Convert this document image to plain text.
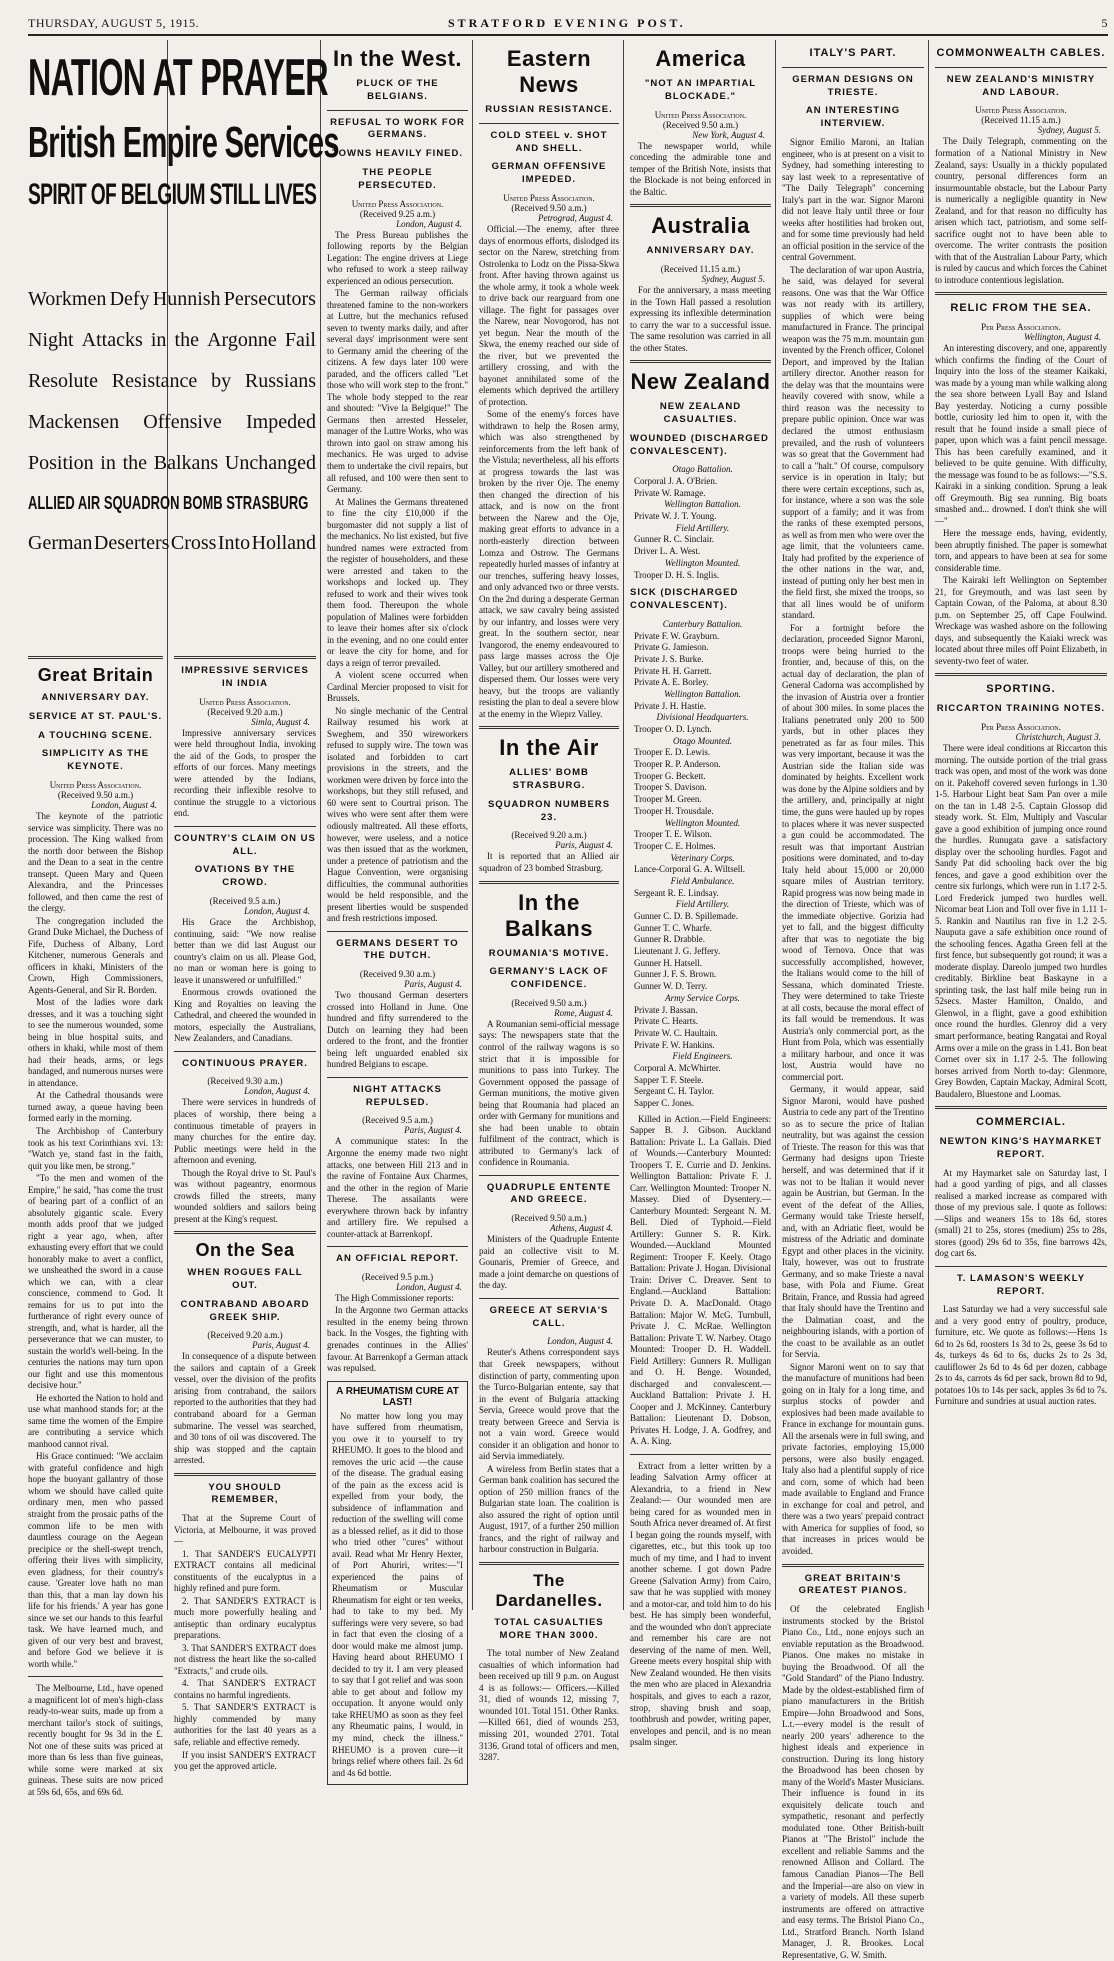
THURSDAY, AUGUST 5, 1915.	STRATFORD EVENING POST.	5
NATION AT PRAYER
British Empire Services
SPIRIT OF BELGIUM STILL LIVES
Workmen Defy Hunnish Persecutors
Night Attacks in the Argonne Fail
Resolute Resistance by Russians
Mackensen Offensive Impeded
Position in the Balkans Unchanged
ALLIED AIR SQUADRON BOMB STRASBURG
German Deserters Cross Into Holland
Great Britain
ANNIVERSARY DAY.
SERVICE AT ST. PAUL'S.
A TOUCHING SCENE.
SIMPLICITY AS THE KEYNOTE.
United Press Association.
(Received 9.50 a.m.)
London, August 4.

The keynote of the patriotic service was simplicity. There was no procession. The King walked from the north door between the Bishop and the Dean to a seat in the centre transept. Queen Mary and Queen Alexandra, and the Princesses followed, and then came the rest of the clergy.

The congregation included the Grand Duke Michael, the Duchess of Fife, Duchess of Albany, Lord Kitchener, numerous Generals and officers in khaki, Ministers of the Crown, High Commissioners, Agents-General, and Sir R. Borden.

Most of the ladies wore dark dresses, and it was a touching sight to see the numerous wounded, some being in blue hospital suits, and others in khaki, while most of them had their heads, arms, or legs bandaged, and numerous nurses were in attendance.

At the Cathedral thousands were turned away, a queue having been formed early in the morning.

The Archbishop of Canterbury took as his text Corinthians xvi. 13: "Watch ye, stand fast in the faith, quit you like men, be strong."

"To the men and women of the Empire," he said, "has come the trust of bearing part of a conflict of an absolutely gigantic scale. Every month adds proof that we judged right a year ago, when, after exhausting every effort that we could honorably make to avert a conflict, we unsheathed the sword in a cause which we can, with a clear conscience, commend to God. It remains for us to put into the furtherance of right every ounce of strength, and, what is harder, all the perseverance that we can muster, to sustain the world's well-being. In the centuries the nations may turn upon our fight and use this momentous decisive hour."

He exhorted the Nation to hold and use what manhood stands for; at the same time the women of the Empire are contributing a service which manhood cannot rival.

His Grace continued: "We acclaim with grateful confidence and high hope the buoyant gallantry of those whom we should have called quite ordinary men, men who passed straight from the prosaic paths of the common life to be men with dauntless courage on the Aegean precipice or the shell-swept trench, offering their lives with simplicity, even gladness, for their country's cause. 'Greater love hath no man than this, that a man lay down his life for his friends.' A year has gone since we set our hands to this fearful task. We have learned much, and given of our very best and bravest, and before God we believe it is worth while."

The Melbourne, Ltd., have opened a magnificent lot of men's high-class ready-to-wear suits, made up from a merchant tailor's stock of suitings, recently bought for 9s 3d in the £. Not one of these suits was priced at more than 6s less than five guineas, while some were marked at six guineas. These suits are now priced at 59s 6d, 65s, and 69s 6d.

IMPRESSIVE SERVICES IN INDIA
United Press Association.
(Received 9.20 a.m.)
Simla, August 4.

Impressive anniversary services were held throughout India, invoking the aid of the Gods, to prosper the efforts of our forces. Many meetings were attended by the Indians, recording their inflexible resolve to continue the struggle to a victorious end.

COUNTRY'S CLAIM ON US ALL.
OVATIONS BY THE CROWD.
(Received 9.5 a.m.)
London, August 4.

His Grace the Archbishop, continuing, said: "We now realise better than we did last August our country's claim on us all. Please God, no man or woman here is going to leave it unanswered or unfulfilled."

Enormous crowds ovationed the King and Royalties on leaving the Cathedral, and cheered the wounded in motors, especially the Australians, New Zealanders, and Canadians.

CONTINUOUS PRAYER.
(Received 9.30 a.m.)
London, August 4.

There were services in hundreds of places of worship, there being a continuous timetable of prayers in many churches for the entire day. Public meetings were held in the afternoon and evening.

Though the Royal drive to St. Paul's was without pageantry, enormous crowds filled the streets, many wounded soldiers and sailors being present at the King's request.

On the Sea
WHEN ROGUES FALL OUT.
CONTRABAND ABOARD GREEK SHIP.
(Received 9.20 a.m.)
Paris, August 4.

In consequence of a dispute between the sailors and captain of a Greek vessel, over the division of the profits arising from contraband, the sailors reported to the authorities that they had contraband aboard for a German submarine. The vessel was searched, and 30 tons of oil was discovered. The ship was stopped and the captain arrested.

YOU SHOULD REMEMBER,

That at the Supreme Court of Victoria, at Melbourne, it was proved—

1. That SANDER'S EUCALYPTI EXTRACT contains all medicinal constituents of the eucalyptus in a highly refined and pure form.

2. That SANDER'S EXTRACT is much more powerfully healing and antiseptic than ordinary eucalyptus preparations.

3. That SANDER'S EXTRACT does not distress the heart like the so-called "Extracts," and crude oils.

4. That SANDER'S EXTRACT contains no harmful ingredients.

5. That SANDER'S EXTRACT is highly commended by many authorities for the last 40 years as a safe, reliable and effective remedy.

If you insist SANDER'S EXTRACT you get the approved article.

In the West.
PLUCK OF THE BELGIANS.
REFUSAL TO WORK FOR GERMANS.
TOWNS HEAVILY FINED.
THE PEOPLE PERSECUTED.
United Press Association.
(Received 9.25 a.m.)
London, August 4.

The Press Bureau publishes the following reports by the Belgian Legation: The engine drivers at Liege who refused to work a steep railway experienced an odious persecution.

The German railway officials threatened famine to the non-workers at Luttre, but the mechanics refused seven to twenty marks daily, and after several days' imprisonment were sent to Germany amid the cheering of the citizens. A few days later 100 were paraded, and the officers called "Let those who will work step to the front." The whole body stepped to the rear and shouted: "Vive la Belgique!" The Germans then arrested Hesseler, manager of the Luttre Works, who was thrown into gaol on straw among his mechanics. He was urged to advise them to undertake the civil repairs, but all refused, and 100 were then sent to Germany.

At Malines the Germans threatened to fine the city £10,000 if the burgomaster did not supply a list of the mechanics. No list existed, but five hundred names were extracted from the register of householders, and these were arrested and taken to the workshops and locked up. They refused to work and their wives took them food. Thereupon the whole population of Malines were forbidden to leave their homes after six o'clock in the evening, and no one could enter or leave the city for home, and for days a reign of terror prevailed.

A violent scene occurred when Cardinal Mercier proposed to visit for Brussels.

No single mechanic of the Central Railway resumed his work at Sweghem, and 350 wireworkers refused to supply wire. The town was isolated and forbidden to cart provisions in the streets, and the workmen were driven by force into the workshops, but they still refused, and 60 were sent to Courtrai prison. The wives who were sent after them were odiously maltreated. All these efforts, however, were useless, and a notice was then issued that as the workmen, under a pretence of patriotism and the Hague Convention, were organising difficulties, the communal authorities would be held responsible, and the present liberties would be suspended and fresh restrictions imposed.

GERMANS DESERT TO THE DUTCH.
(Received 9.30 a.m.)
Paris, August 4.

Two thousand German deserters crossed into Holland in June. One hundred and fifty surrendered to the Dutch on learning they had been ordered to the front, and the frontier being left unguarded enabled six hundred Belgians to escape.

NIGHT ATTACKS REPULSED.
(Received 9.5 a.m.)
Paris, August 4.

A communique states: In the Argonne the enemy made two night attacks, one between Hill 213 and in the ravine of Fontaine Aux Charmes, and the other in the region of Marie Therese. The assailants were everywhere thrown back by infantry and artillery fire. We repulsed a counter-attack at Barrenkopf.

AN OFFICIAL REPORT.
(Received 9.5 p.m.)
London, August 4.

The High Commissioner reports:

In the Argonne two German attacks resulted in the enemy being thrown back. In the Vosges, the fighting with grenades continues in the Allies' favour. At Barrenkopf a German attack was repulsed.

A RHEUMATISM CURE AT LAST!

No matter how long you may have suffered from rheumatism, you owe it to yourself to try RHEUMO. It goes to the blood and removes the uric acid —the cause of the disease. The gradual easing of the pain as the excess acid is expelled from your body, the subsidence of inflammation and reduction of the swelling will come as a blessed relief, as it did to those who tried other "cures" without avail. Read what Mr Henry Hexter, of Port Ahuriri, writes:—"I experienced the pains of Rheumatism or Muscular Rheumatism for eight or ten weeks, had to take to my bed. My sufferings were very severe, so bad in fact that even the closing of a door would make me almost jump. Having heard about RHEUMO I decided to try it. I am very pleased to say that I got relief and was soon able to get about and follow my occupation. It anyone would only take RHEUMO as soon as they feel any Rheumatic pains, I would, in my mind, check the illness." RHEUMO is a proven cure—it brings relief where others fail. 2s 6d and 4s 6d bottle.

Eastern News
RUSSIAN RESISTANCE.
COLD STEEL v. SHOT AND SHELL.
GERMAN OFFENSIVE IMPEDED.
United Press Association.
(Received 9.50 a.m.)
Petrograd, August 4.

Official.—The enemy, after three days of enormous efforts, dislodged its sector on the Narew, stretching from Ostrolenka to Lodz on the Pissa-Skwa front. After having thrown against us the whole army, it took a whole week to drive back our rearguard from one village. The fight for passages over the Narew, near Novogorod, has not yet begun. Near the mouth of the Skwa, the enemy reached our side of the river, but we prevented the artillery crossing, and with the bayonet annihilated some of the elements which deprived the artillery of protection.

Some of the enemy's forces have withdrawn to help the Rosen army, which was also strengthened by reinforcements from the left bank of the Vistula; nevertheless, all his efforts at progress towards the last was broken by the river Oje. The enemy then changed the direction of his attack, and is now on the front between the Narew and the Oje, making great efforts to advance in a north-easterly direction between Lomza and Ostrow. The Germans repeatedly hurled masses of infantry at our trenches, suffering heavy losses, and only advanced two or three versts. On the 2nd during a desperate German attack, we saw cavalry being assisted by our infantry, and losses were very great. In the southern sector, near Ivangorod, the enemy endeavoured to pass large masses across the Oje Valley, but our artillery smothered and dispersed them. Our losses were very heavy, but the troops are valiantly resisting the plan to deal a severe blow at the enemy in the Wieprz Valley.

In the Air
ALLIES' BOMB STRASBURG.
SQUADRON NUMBERS 23.
(Received 9.20 a.m.)
Paris, August 4.

It is reported that an Allied air squadron of 23 bombed Strasburg.

In the Balkans
ROUMANIA'S MOTIVE.
GERMANY'S LACK OF CONFIDENCE.
(Received 9.50 a.m.)
Rome, August 4.

A Roumanian semi-official message says: The newspapers state that the control of the railway wagons is so strict that it is impossible for munitions to pass into Turkey. The Government opposed the passage of German munitions, the motive given being that Roumania had placed an order with Germany for munitions and she had been unable to obtain fulfilment of the contract, which is attributed to Germany's lack of confidence in Roumania.

QUADRUPLE ENTENTE AND GREECE.
(Received 9.50 a.m.)
Athens, August 4.

Ministers of the Quadruple Entente paid an collective visit to M. Gounaris, Premier of Greece, and made a joint demarche on questions of the day.

GREECE AT SERVIA'S CALL.
London, August 4.

Reuter's Athens correspondent says that Greek newspapers, without distinction of party, commenting upon the Turco-Bulgarian entente, say that in the event of Bulgaria attacking Servia, Greece would prove that the treaty between Greece and Servia is not a vain word. Greece would consider it an obligation and honor to aid Servia immediately.

A wireless from Berlin states that a German bank coalition has secured the option of 250 million francs of the Bulgarian state loan. The coalition is also assured the right of option until August, 1917, of a further 250 million francs, and the right of railway and harbour construction in Bulgaria.

The Dardanelles.
TOTAL CASUALTIES MORE THAN 3000.

The total number of New Zealand casualties of which information had been received up till 9 p.m. on August 4 is as follows:— Officers.—Killed 31, died of wounds 12, missing 7, wounded 101. Total 151. Other Ranks.—Killed 661, died of wounds 253, missing 201, wounded 2701. Total 3136. Grand total of officers and men, 3287.

America
"NOT AN IMPARTIAL BLOCKADE."
United Press Association.
(Received 9.50 a.m.)
New York, August 4.

The newspaper world, while conceding the admirable tone and temper of the British Note, insists that the Blockade is not being enforced in the Baltic.

Australia
ANNIVERSARY DAY.
(Received 11.15 a.m.)
Sydney, August 5.

For the anniversary, a mass meeting in the Town Hall passed a resolution expressing its inflexible determination to carry the war to a successful issue. The same resolution was carried in all the other States.

New Zealand
NEW ZEALAND CASUALTIES.
WOUNDED (DISCHARGED CONVALESCENT).
Otago Battalion.
Corporal J. A. O'Brien.
Private W. Ramage.
Wellington Battalion.
Private W. J. T. Young.
Field Artillery.
Gunner R. C. Sinclair.
Driver L. A. West.
Wellington Mounted.
Trooper D. H. S. Inglis.
SICK (DISCHARGED CONVALESCENT).
Canterbury Battalion.
Private F. W. Grayburn.
Private G. Jamieson.
Private J. S. Burke.
Private H. H. Garrett.
Private A. E. Borley.
Wellington Battalion.
Private J. H. Hastie.
Divisional Headquarters.
Trooper O. D. Lynch.
Otago Mounted.
Trooper E. D. Lewis.
Trooper R. P. Anderson.
Trooper G. Beckett.
Trooper S. Davison.
Trooper M. Green.
Trooper H. Trousdale.
Wellington Mounted.
Trooper T. E. Wilson.
Trooper C. E. Holmes.
Veterinary Corps.
Lance-Corporal G. A. Wiltsell.
Field Ambulance.
Sergeant R. E. Lindsay.
Field Artillery.
Gunner C. D. B. Spillemade.
Gunner T. C. Wharfe.
Gunner R. Drabble.
Lieutenant J. G. Jeffery.
Gunner H. Hatsell.
Gunner J. F. S. Brown.
Gunner W. D. Terry.
Army Service Corps.
Private J. Bassan.
Private C. Hearts.
Private W. C. Haultain.
Private F. W. Hankins.
Field Engineers.
Corporal A. McWhirter.
Sapper T. F. Steele.
Sergeant C. H. Taylor.
Sapper C. Jones.

Killed in Action.—Field Engineers: Sapper B. J. Gibson. Auckland Battalion: Private L. La Gallais. Died of Wounds.—Canterbury Mounted: Troopers T. E. Currie and D. Jenkins. Wellington Battalion: Private F. J. Carr. Wellington Mounted: Trooper N. Massey. Died of Dysentery.—Canterbury Mounted: Sergeant N. M. Bell. Died of Typhoid.—Field Artillery: Gunner S. R. Kirk. Wounded.—Auckland Mounted Regiment: Trooper F. Keely. Otago Battalion: Private J. Hogan. Divisional Train: Driver C. Dreaver. Sent to England.—Auckland Battalion: Private D. A. MacDonald. Otago Battalion: Major W. McG. Turnbull, Private J. C. McRae. Wellington Battalion: Private T. W. Narbey. Otago Mounted: Trooper D. H. Waddell. Field Artillery: Gunners R. Mulligan and O. H. Benge. Wounded, discharged and convalescent.—Auckland Battalion: Private J. H. Cooper and J. McKinney. Canterbury Battalion: Lieutenant D. Dobson, Privates H. Lodge, J. A. Godfrey, and A. A. King.

Extract from a letter written by a leading Salvation Army officer at Alexandria, to a friend in New Zealand:— Our wounded men are being cared for as wounded men in South Africa never dreamed of. At first I began going the rounds myself, with cigarettes, etc., but this took up too much of my time, and I had to invent another scheme. I got down Padre Greene (Salvation Army) from Cairo, saw that he was supplied with money and a motor-car, and told him to do his best. He has simply been wonderful, and the wounded who don't appreciate and remember his care are not deserving of the name of men. Well, Greene meets every hospital ship with New Zealand wounded. He then visits the men who are placed in Alexandria hospitals, and gives to each a razor, strop, shaving brush and soap, toothbrush and powder, writing paper, envelopes and pencil, and is no mean psalm singer.

ITALY'S PART.
GERMAN DESIGNS ON TRIESTE.
AN INTERESTING INTERVIEW.

Signor Emilio Maroni, an Italian engineer, who is at present on a visit to Sydney, had something interesting to say last week to a representative of "The Daily Telegraph" concerning Italy's part in the war. Signor Maroni did not leave Italy until three or four weeks after hostilities had broken out, and for some time previously had held an official position in the service of the central Government.

The declaration of war upon Austria, he said, was delayed for several reasons. One was that the War Office was not ready with its artillery, supplies of which were being manufactured in France. The principal weapon was the 75 m.m. mountain gun invented by the French officer, Colonel Deport, and improved by the Italian artillery director. Another reason for the delay was that the mountains were heavily covered with snow, while a third reason was the necessity to prepare public opinion. Once war was declared the utmost enthusiasm prevailed, and the rush of volunteers was so great that the Government had to call a "halt." Of course, compulsory service is in operation in Italy; but there were certain exceptions, such as, for instance, where a son was the sole support of a family; and it was from the ranks of these exempted persons, as well as from men who were over the age limit, that the volunteers came. Italy had profited by the experience of the other nations in the war, and, instead of putting only her best men in the field first, she mixed the troops, so that all lines would be of uniform standard.

For a fortnight before the declaration, proceeded Signor Maroni, troops were being hurried to the frontier, and, because of this, on the actual day of declaration, the plan of General Cadorna was accomplished by the invasion of Austria over a frontier of about 300 miles. In some places the Italians penetrated only 200 to 500 yards, but in other places they penetrated as far as four miles. This was very important, because it was the Austrian side the Italian side was dominated by heights. Excellent work was done by the Alpine soldiers and by the artillery, and, principally at night time, the guns were hauled up by ropes to places where it was never suspected a gun could be accommodated. The result was that important Austrian positions were dominated, and to-day Italy held about 15,000 or 20,000 square miles of Austrian territory. Rapid progress was now being made in the direction of Trieste, which was of the immediate objective. Gorizia had yet to fall, and the biggest difficulty after that was to negotiate the big wood of Ternova. Once that was successfully accomplished, however, the Italians would come to the hill of Sessana, which dominated Trieste. They were determined to take Trieste at all costs, because the moral effect of its fall would be tremendous. It was Austria's only commercial port, as the Hunt from Pola, which was essentially a military harbour, and once it was lost, Austria would have no commercial port.

Germany, it would appear, said Signor Maroni, would have pushed Austria to cede any part of the Trentino so as to secure the price of Italian neutrality, but was against the cession of Trieste. The reason for this was that Germany had designs upon Trieste herself, and was determined that if it was not to be Italian it would never again be Austrian, but German. In the event of the defeat of the Allies, Germany would take Trieste herself, and, with an Adriatic fleet, would be mistress of the Adriatic and dominate Egypt and other places in the vicinity. Italy, however, was out to frustrate Germany, and so make Trieste a naval base, with Pola and Fiume. Great Britain, France, and Russia had agreed that Italy should have the Trentino and the Dalmatian coast, and the neighbouring islands, with a portion of the coast to be available as an outlet for Servia.

Signor Maroni went on to say that the manufacture of munitions had been going on in Italy for a long time, and surplus stocks of powder and explosives had been made available to France in exchange for mountain guns. All the arsenals were in full swing, and private factories, employing 15,000 persons, were also busily engaged. Italy also had a plentiful supply of rice and corn, some of which had been made available to England and France in exchange for coal and petrol, and there was a two years' prepaid contract with America for supplies of food, so that increases in prices would be avoided.

GREAT BRITAIN'S GREATEST PIANOS.

Of the celebrated English instruments stocked by the Bristol Piano Co., Ltd., none enjoys such an enviable reputation as the Broadwood. Pianos. One makes no mistake in buying the Broadwood. Of all the "Gold Standard" of the Piano Industry. Made by the oldest-established firm of piano manufacturers in the British Empire—John Broadwood and Sons, L.t.—every model is the result of nearly 200 years' adherence to the highest ideals and experience in construction. During its long history the Broadwood has been chosen by many of the World's Master Musicians. Their influence is found in its exquisitely delicate touch and sympathetic, resonant and perfectly modulated tone. Other British-built Pianos at "The Bristol" include the excellent and reliable Samms and the renowned Allison and Collard. The famous Canadian Pianos—The Bell and the Imperial—are also on view in a variety of models. All these superb instruments are offered on attractive and easy terms. The Bristol Piano Co., Ltd., Stratford Branch. North Island Manager, J. R. Brookes. Local Representative, G. W. Smith.

COMMONWEALTH CABLES.
NEW ZEALAND'S MINISTRY AND LABOUR.
United Press Association.
(Received 11.15 a.m.)
Sydney, August 5.

The Daily Telegraph, commenting on the formation of a National Ministry in New Zealand, says: Usually in a thickly populated country, personal differences form an insurmountable obstacle, but the Labour Party is numerically a negligible quantity in New Zealand, and for that reason no difficulty has arisen which tact, patriotism, and some self-sacrifice ought not to have been able to overcome. The writer contrasts the position with that of the Australian Labour Party, which is ruled by caucus and which forces the Cabinet to introduce contentious legislation.

RELIC FROM THE SEA.
Per Press Association.
Wellington, August 4.

An interesting discovery, and one, apparently which confirms the finding of the Court of Inquiry into the loss of the steamer Kaikaki, was made by a young man while walking along the sea shore between Lyall Bay and Island Bay yesterday. Noticing a curny possible bottle, curiosity led him to open it, with the result that he found inside a small piece of paper, upon which was a faint pencil message. This has been carefully examined, and it believed to be quite genuine. With difficulty, the message was found to be as follows:—"S.S. Kairaki in a sinking condition. Sprung a leak off Greymouth. Big sea running. Big boats smashed and... drowned. I don't think she will—"

Here the message ends, having, evidently, been abruptly finished. The paper is somewhat torn, and appears to have been at sea for some considerable time.

The Kairaki left Wellington on September 21, for Greymouth, and was last seen by Captain Cowan, of the Paloma, at about 8.30 p.m. on September 25, off Cape Foulwind. Wreckage was washed ashore on the following days, and subsequently the Kaiaki wreck was located about three miles off Point Elizabeth, in seventy-two feet of water.

SPORTING.
RICCARTON TRAINING NOTES.
Per Press Association.
Christchurch, August 3.

There were ideal conditions at Riccarton this morning. The outside portion of the trial grass track was open, and most of the work was done on it. Pakehoff covered seven furlongs in 1.30 1-5. Harbour Light beat Sam Pan over a mile on the tan in 1.48 2-5. Captain Glossop did steady work. St. Elm, Multiply and Vascular gave a good exhibition of jumping once round the hurdles. Runugata gave a satisfactory display over the schooling hurdles. Fagot and Sandy Pat did schooling back over the big fences, and gave a good exhibition over the centre six furlongs, which were run in 1.17 2-5. Lord Frederick jumped two hurdles well. Nicomar beat Lion and Toll over five in 1.11 1-5. Rankin and Nautilus ran five in 1.2 2-5. Nauputa gave a safe exhibition once round of the schooling fences. Agatha Green fell at the first fence, but subsequently got round; it was a moderate display. Dareolo jumped two hurdles creditably. Birkline beat Baskayne in a sprinting task, the last half mile being run in 52secs. Master Hamilton, Onaldo, and Glenwol, in a flight, gave a good exhibition once round the hurdles. Glenroy did a very smart performance, beating Rangatai and Royal Arms over a mile on the grass in 1.41. Bon beat Cornet over six in 1.17 2-5. The following horses arrived from North to-day: Glenmore, Grey Bowden, Captain Mackay, Admiral Scott, Baudalero, Bluestone and Loomas.

COMMERCIAL.
NEWTON KING'S HAYMARKET REPORT.

At my Haymarket sale on Saturday last, I had a good yarding of pigs, and all classes realised a marked increase as compared with those of my previous sale. I quote as follows:—Slips and weaners 15s to 18s 6d, stores (small) 21 to 25s, stores (medium) 25s to 28s, stores (good) 29s 6d to 35s, fine barrows 42s, dog cart 6s.

T. LAMASON'S WEEKLY REPORT.

Last Saturday we had a very successful sale and a very good entry of poultry, produce, furniture, etc. We quote as follows:—Hens 1s 6d to 2s 6d, roosters 1s 3d to 2s, geese 3s 6d to 4s, turkeys 4s 6d to 6s, ducks 2s to 2s 3d, cauliflower 2s 6d to 4s 6d per dozen, cabbage 2s to 4s, carrots 4s 6d per sack, brown 8d to 9d, potatoes 10s to 14s per sack, apples 3s 6d to 7s. Furniture and sundries at usual auction rates.
